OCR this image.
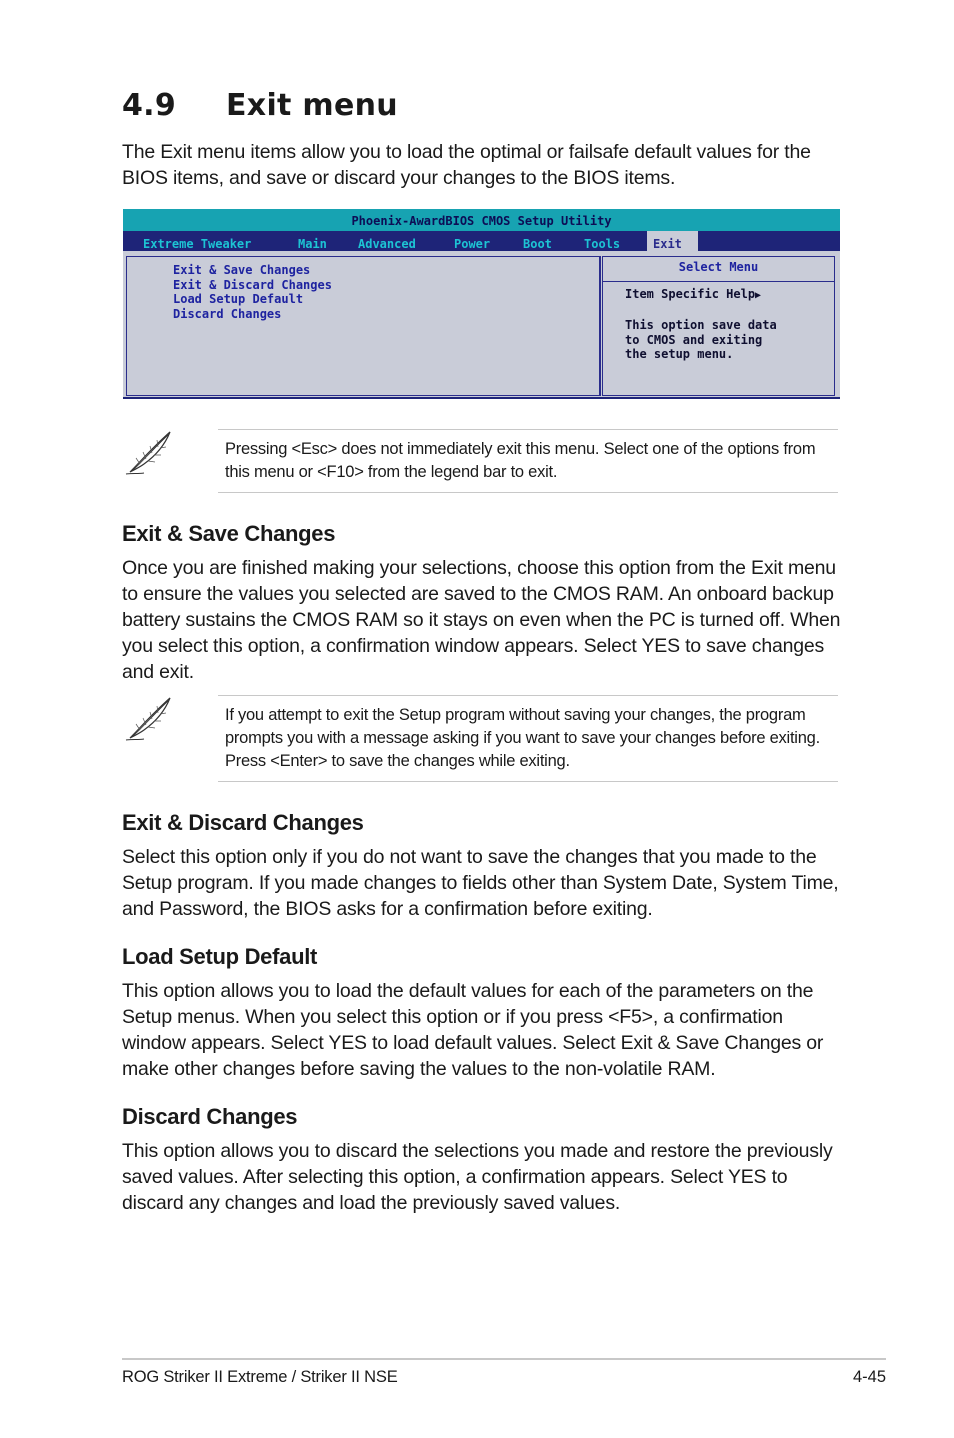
4.9 Exit menu

The Exit menu items allow you to load the optimal or failsafe default values for the BIOS items, and save or discard your changes to the BIOS items.

Phoenix-AwardBIOS CMOS Setup Utility
Extreme Tweaker	Main	Advanced	Power	Boot	Tools	Exit
Exit & Save Changes
Exit & Discard Changes
Load Setup Default
Discard Changes
Select Menu
Item Specific Help▶

This option save data
to CMOS and exiting
the setup menu.

Pressing <Esc> does not immediately exit this menu. Select one of the options from this menu or <F10> from the legend bar to exit.

Exit & Save Changes

Once you are finished making your selections, choose this option from the Exit menu to ensure the values you selected are saved to the CMOS RAM. An onboard backup battery sustains the CMOS RAM so it stays on even when the PC is turned off. When you select this option, a confirmation window appears. Select YES to save changes and exit.

If you attempt to exit the Setup program without saving your changes, the program prompts you with a message asking if you want to save your changes before exiting. Press <Enter> to save the changes while exiting.

Exit & Discard Changes

Select this option only if you do not want to save the changes that you made to the Setup program. If you made changes to fields other than System Date, System Time, and Password, the BIOS asks for a confirmation before exiting.

Load Setup Default

This option allows you to load the default values for each of the parameters on the Setup menus. When you select this option or if you press <F5>, a confirmation window appears. Select YES to load default values. Select Exit & Save Changes or make other changes before saving the values to the non-volatile RAM.

Discard Changes

This option allows you to discard the selections you made and restore the previously saved values. After selecting this option, a confirmation appears. Select YES to discard any changes and load the previously saved values.

ROG Striker II Extreme / Striker II NSE	4-45
